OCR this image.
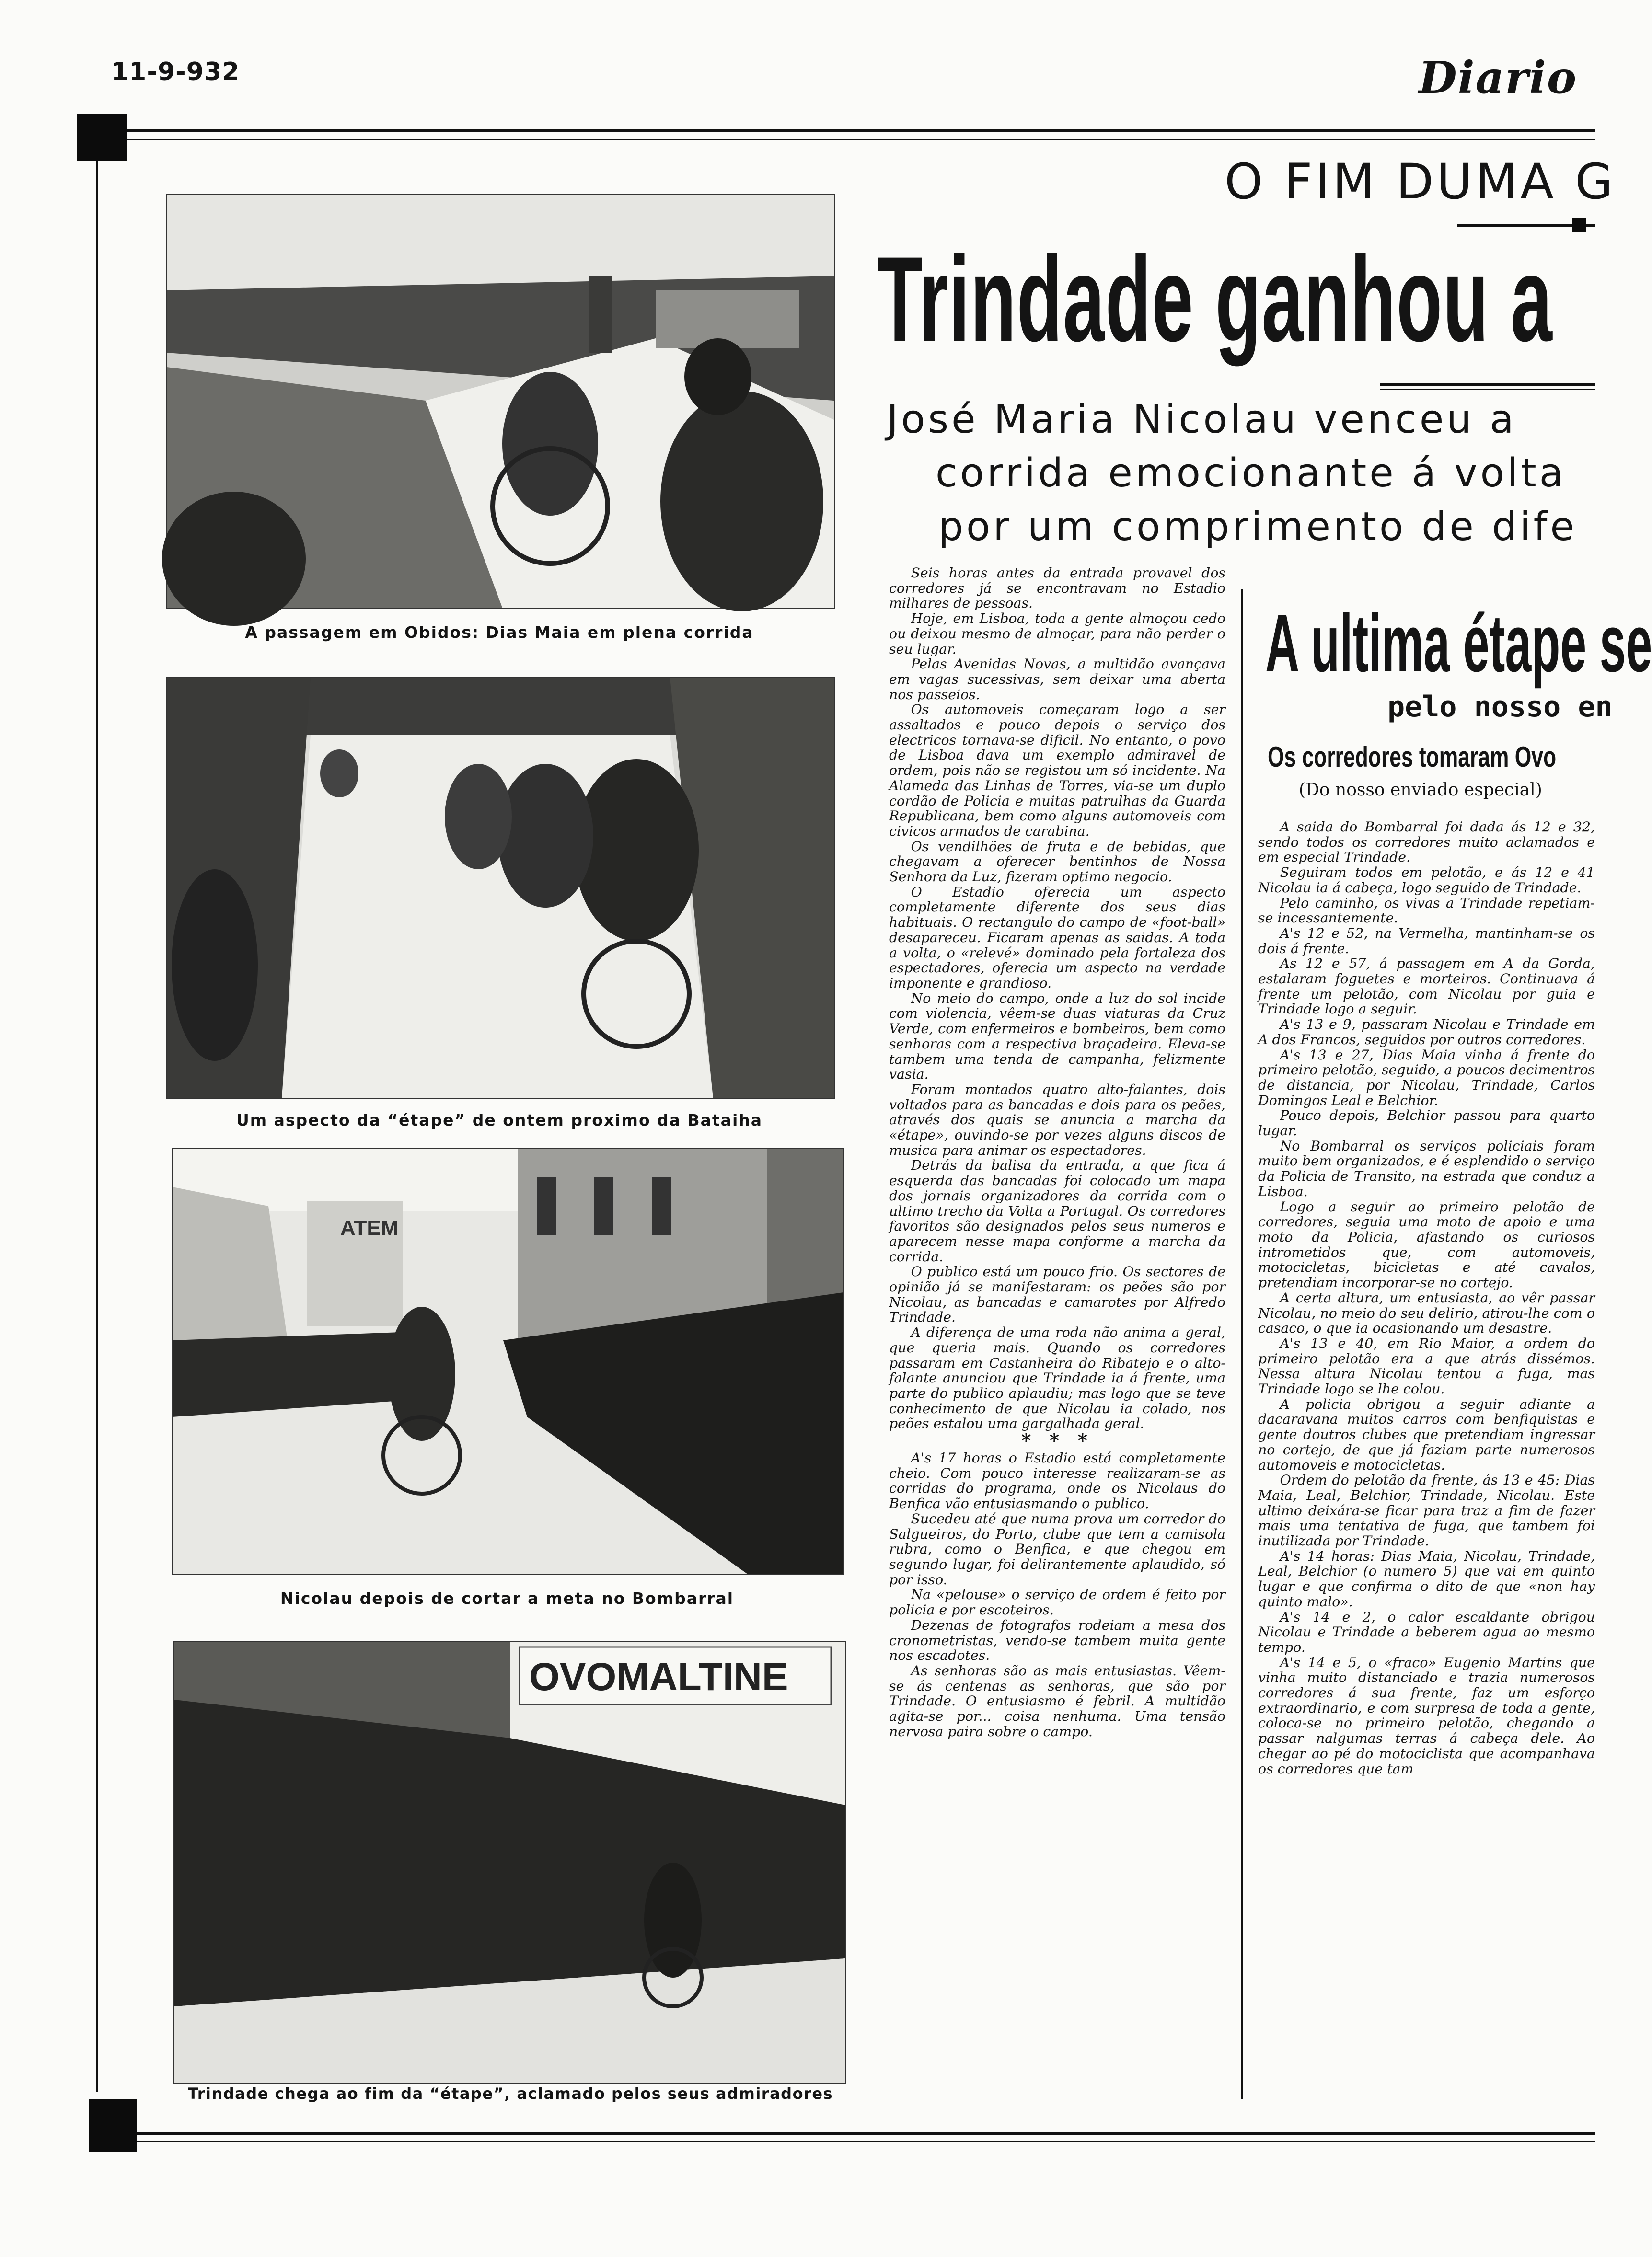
11-9-932	Diario
A passagem em Obidos: Dias Maia em plena corrida
Um aspecto da “étape” de ontem proximo da Bataiha
ATEM
Nicolau depois de cortar a meta no Bombarral
OVOMALTINE
Trindade chega ao fim da “étape”, aclamado pelos seus admiradores
O FIM DUMA G
Trindade ganhou a
José Maria Nicolau venceu a
corrida emocionante á volta
por um comprimento de dife

Seis horas antes da entrada provavel dos corredores já se encontravam no Estadio milhares de pessoas.

Hoje, em Lisboa, toda a gente almoçou cedo ou deixou mesmo de almoçar, para não perder o seu lugar.

Pelas Avenidas Novas, a multidão avançava em vagas sucessivas, sem deixar uma aberta nos passeios.

Os automoveis começaram logo a ser assaltados e pouco depois o serviço dos electricos tornava-se dificil. No entanto, o povo de Lisboa dava um exemplo admiravel de ordem, pois não se registou um só incidente. Na Alameda das Linhas de Torres, via-se um duplo cordão de Policia e muitas patrulhas da Guarda Republicana, bem como alguns automoveis com civicos armados de carabina.

Os vendilhões de fruta e de bebidas, que chegavam a oferecer bentinhos de Nossa Senhora da Luz, fizeram optimo negocio.

O Estadio oferecia um aspecto completamente diferente dos seus dias habituais. O rectangulo do campo de «foot-ball» desapareceu. Ficaram apenas as saidas. A toda a volta, o «relevé» dominado pela fortaleza dos espectadores, oferecia um aspecto na verdade imponente e grandioso.

No meio do campo, onde a luz do sol incide com violencia, vêem-se duas viaturas da Cruz Verde, com enfermeiros e bombeiros, bem como senhoras com a respectiva braçadeira. Eleva-se tambem uma tenda de campanha, felizmente vasia.

Foram montados quatro alto-falantes, dois voltados para as bancadas e dois para os peões, através dos quais se anuncia a marcha da «étape», ouvindo-se por vezes alguns discos de musica para animar os espectadores.

Detrás da balisa da entrada, a que fica á esquerda das bancadas foi colocado um mapa dos jornais organizadores da corrida com o ultimo trecho da Volta a Portugal. Os corredores favoritos são designados pelos seus numeros e aparecem nesse mapa conforme a marcha da corrida.

O publico está um pouco frio. Os sectores de opinião já se manifestaram: os peões são por Nicolau, as bancadas e camarotes por Alfredo Trindade.

A diferença de uma roda não anima a geral, que queria mais. Quando os corredores passaram em Castanheira do Ribatejo e o alto-falante anunciou que Trindade ia á frente, uma parte do publico aplaudiu; mas logo que se teve conhecimento de que Nicolau ia colado, nos peões estalou uma gargalhada geral.

* * *

A's 17 horas o Estadio está completamente cheio. Com pouco interesse realizaram-se as corridas do programa, onde os Nicolaus do Benfica vão entusiasmando o publico.

Sucedeu até que numa prova um corredor do Salgueiros, do Porto, clube que tem a camisola rubra, como o Benfica, e que chegou em segundo lugar, foi delirantemente aplaudido, só por isso.

Na «pelouse» o serviço de ordem é feito por policia e por escoteiros.

Dezenas de fotografos rodeiam a mesa dos cronometristas, vendo-se tambem muita gente nos escadotes.

As senhoras são as mais entusiastas. Vêem-se ás centenas as senhoras, que são por Trindade. O entusiasmo é febril. A multidão agita-se por... coisa nenhuma. Uma tensão nervosa paira sobre o campo.

A ultima étape se
pelo nosso en
Os corredores tomaram Ovo
(Do nosso enviado especial)

A saida do Bombarral foi dada ás 12 e 32, sendo todos os corredores muito aclamados e em especial Trindade.

Seguiram todos em pelotão, e ás 12 e 41 Nicolau ia á cabeça, logo seguido de Trindade.

Pelo caminho, os vivas a Trindade repetiam-se incessantemente.

A's 12 e 52, na Vermelha, mantinham-se os dois á frente.

As 12 e 57, á passagem em A da Gorda, estalaram foguetes e morteiros. Continuava á frente um pelotão, com Nicolau por guia e Trindade logo a seguir.

A's 13 e 9, passaram Nicolau e Trindade em A dos Francos, seguidos por outros corredores.

A's 13 e 27, Dias Maia vinha á frente do primeiro pelotão, seguido, a poucos decimentros de distancia, por Nicolau, Trindade, Carlos Domingos Leal e Belchior.

Pouco depois, Belchior passou para quarto lugar.

No Bombarral os serviços policiais foram muito bem organizados, e é esplendido o serviço da Policia de Transito, na estrada que conduz a Lisboa.

Logo a seguir ao primeiro pelotão de corredores, seguia uma moto de apoio e uma moto da Policia, afastando os curiosos intrometidos que, com automoveis, motocicletas, bicicletas e até cavalos, pretendiam incorporar-se no cortejo.

A certa altura, um entusiasta, ao vêr passar Nicolau, no meio do seu delirio, atirou-lhe com o casaco, o que ia ocasionando um desastre.

A's 13 e 40, em Rio Maior, a ordem do primeiro pelotão era a que atrás dissémos. Nessa altura Nicolau tentou a fuga, mas Trindade logo se lhe colou.

A policia obrigou a seguir adiante a dacaravana muitos carros com benfiquistas e gente doutros clubes que pretendiam ingressar no cortejo, de que já faziam parte numerosos automoveis e motocicletas.

Ordem do pelotão da frente, ás 13 e 45: Dias Maia, Leal, Belchior, Trindade, Nicolau. Este ultimo deixára-se ficar para traz a fim de fazer mais uma tentativa de fuga, que tambem foi inutilizada por Trindade.

A's 14 horas: Dias Maia, Nicolau, Trindade, Leal, Belchior (o numero 5) que vai em quinto lugar e que confirma o dito de que «non hay quinto malo».

A's 14 e 2, o calor escaldante obrigou Nicolau e Trindade a beberem agua ao mesmo tempo.

A's 14 e 5, o «fraco» Eugenio Martins que vinha muito distanciado e trazia numerosos corredores á sua frente, faz um esforço extraordinario, e com surpresa de toda a gente, coloca-se no primeiro pelotão, chegando a passar nalgumas terras á cabeça dele. Ao chegar ao pé do motociclista que acompanhava os corredores que tam
